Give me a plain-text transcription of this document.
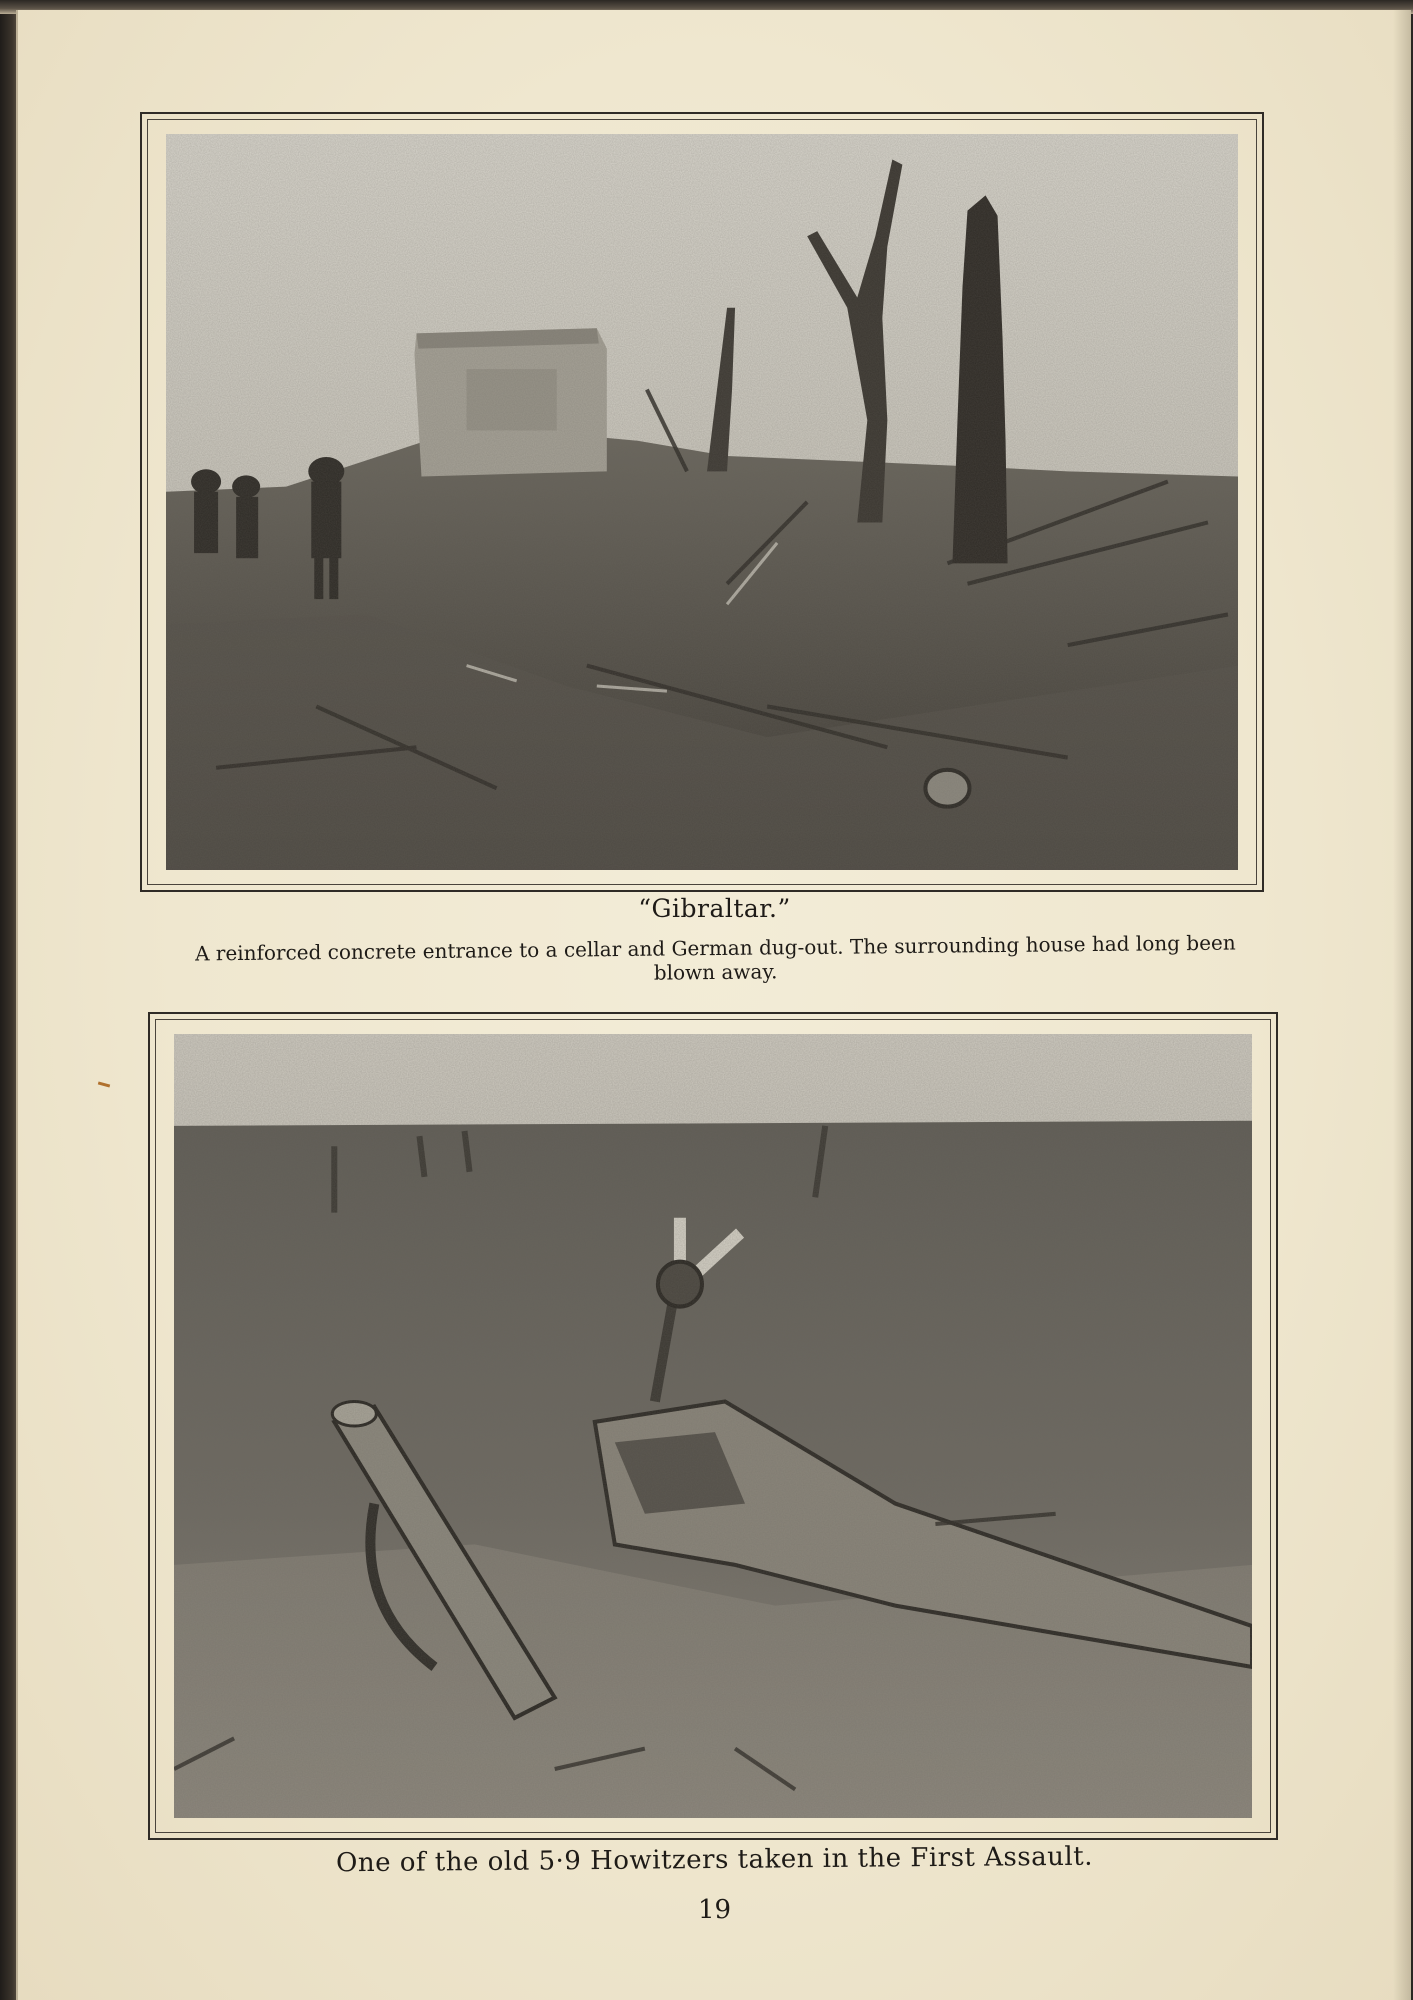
“Gibraltar.”
A reinforced concrete entrance to a cellar and German dug-out. The surrounding house had long been blown away.
One of the old 5·9 Howitzers taken in the First Assault.
19
